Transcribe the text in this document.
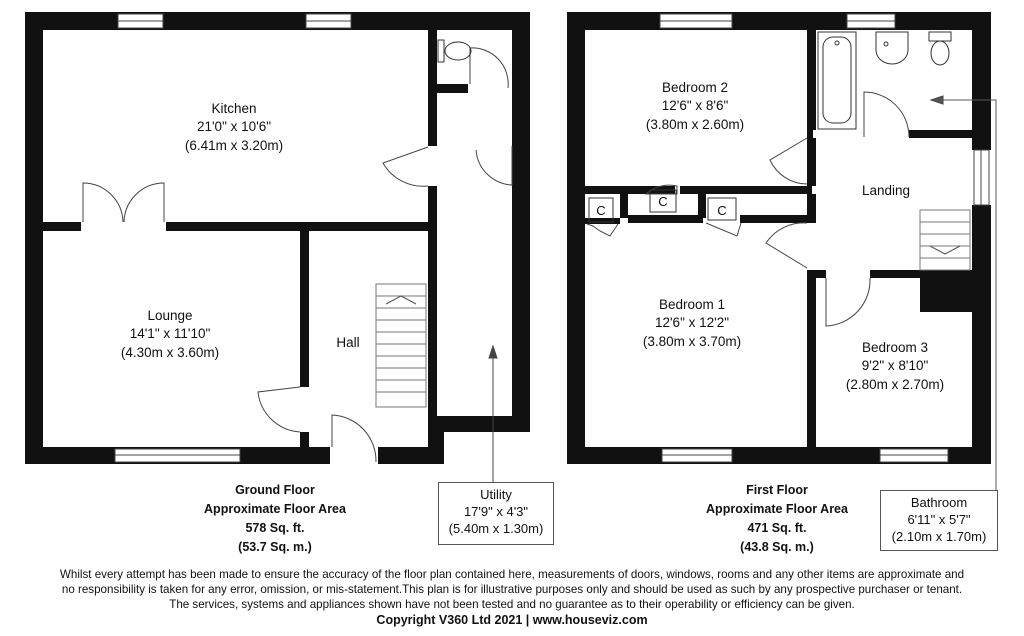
Kitchen
21'0" x 10'6"
(6.41m x 3.20m)
Lounge
14'1" x 11'10"
(4.30m x 3.60m)
Hall
Bedroom 2
12'6" x 8'6"
(3.80m x 2.60m)
Landing
Bedroom 1
12'6" x 12'2"
(3.80m x 3.70m)	Bedroom 3
9'2" x 8'10"
(2.80m x 2.70m)
C
C
C
Ground Floor
Approximate Floor Area
578 Sq. ft.
(53.7 Sq. m.)
First Floor
Approximate Floor Area
471 Sq. ft.
(43.8 Sq. m.)
Utility
17'9" x 4'3"
(5.40m x 1.30m)
Bathroom
6'11" x 5'7"
(2.10m x 1.70m)
Whilst every attempt has been made to ensure the accuracy of the floor plan contained here, measurements of doors, windows, rooms and any other items are approximate and
no responsibility is taken for any error, omission, or mis-statement.This plan is for illustrative purposes only and should be used as such by any prospective purchaser or tenant.
The services, systems and appliances shown have not been tested and no guarantee as to their operability or efficiency can be given.
Copyright V360 Ltd 2021 | www.houseviz.com
